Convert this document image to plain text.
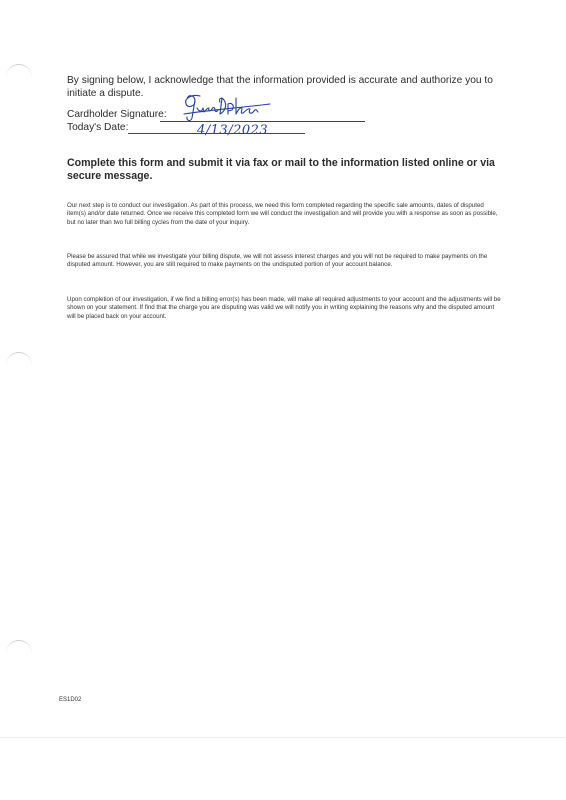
By signing below, I acknowledge that the information provided is accurate and authorize you to initiate a dispute.
Cardholder Signature:
Today's Date:	4/13/2023
Complete this form and submit it via fax or mail to the information listed online or via secure message.
Our next step is to conduct our investigation. As part of this process, we need this form completed regarding the specific sale amounts, dates of disputed item(s) and/or date returned. Once we receive this completed form we will conduct the investigation and will provide you with a response as soon as possible, but no later than two full billing cycles from the date of your inquiry.
Please be assured that while we investigate your billing dispute, we will not assess interest charges and you will not be required to make payments on the disputed amount. However, you are still required to make payments on the undisputed portion of your account balance.
Upon completion of our investigation, if we find a billing error(s) has been made, will make all required adjustments to your account and the adjustments will be shown on your statement. If find that the charge you are disputing was valid we will notify you in writing explaining the reasons why and the disputed amount will be placed back on your account.
ES1D02
